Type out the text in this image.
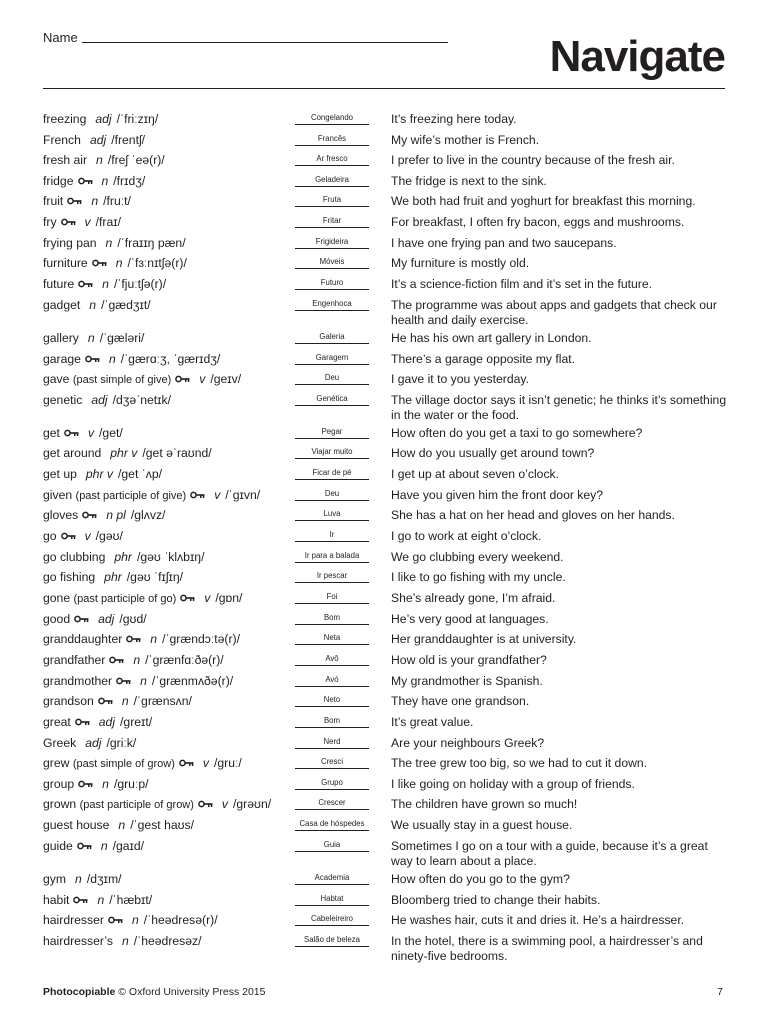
Name	Navigate
freezing adj /ˈfriːzɪŋ/	Congelando	It’s freezing here today.
French adj /frentʃ/	Francês	My wife’s mother is French.
fresh air n /freʃ ˈeə(r)/	Ar fresco	I prefer to live in the country because of the fresh air.
fridge n /frɪdʒ/	Geladeira	The fridge is next to the sink.
fruit n /fruːt/	Fruta	We both had fruit and yoghurt for breakfast this morning.
fry v /fraɪ/	Fritar	For breakfast, I often fry bacon, eggs and mushrooms.
frying pan n /ˈfraɪɪŋ pæn/	Frigideira	I have one frying pan and two saucepans.
furniture n /ˈfɜːnɪtʃə(r)/	Móveis	My furniture is mostly old.
future n /ˈfjuːtʃə(r)/	Futuro	It’s a science-fiction film and it’s set in the future.
gadget n /ˈɡædʒɪt/	Engenhoca	The programme was about apps and gadgets that check our health and daily exercise.
gallery n /ˈɡæləri/	Galeria	He has his own art gallery in London.
garage n /ˈɡærɑːʒ, ˈɡærɪdʒ/	Garagem	There’s a garage opposite my flat.
gave (past simple of give) v /ɡeɪv/	Deu	I gave it to you yesterday.
genetic adj /dʒəˈnetɪk/	Genética	The village doctor says it isn’t genetic; he thinks it’s something in the water or the food.
get v /ɡet/	Pegar	How often do you get a taxi to go somewhere?
get around phr v /ɡet əˈraʊnd/	Viajar muito	How do you usually get around town?
get up phr v /ɡet ˈʌp/	Ficar de pé	I get up at about seven o’clock.
given (past participle of give) v /ˈɡɪvn/	Deu	Have you given him the front door key?
gloves n pl /ɡlʌvz/	Luva	She has a hat on her head and gloves on her hands.
go v /ɡəʊ/	Ir	I go to work at eight o’clock.
go clubbing phr /ɡəʊ ˈklʌbɪŋ/	Ir para a balada	We go clubbing every weekend.
go fishing phr /ɡəʊ ˈfɪʃɪŋ/	Ir pescar	I like to go fishing with my uncle.
gone (past participle of go) v /ɡɒn/	Foi	She’s already gone, I’m afraid.
good adj /ɡʊd/	Bom	He’s very good at languages.
granddaughter n /ˈɡrændɔːtə(r)/	Neta	Her granddaughter is at university.
grandfather n /ˈɡrænfɑːðə(r)/	Avô	How old is your grandfather?
grandmother n /ˈɡrænmʌðə(r)/	Avó	My grandmother is Spanish.
grandson n /ˈɡrænsʌn/	Neto	They have one grandson.
great adj /ɡreɪt/	Bom	It’s great value.
Greek adj /ɡriːk/	Nerd	Are your neighbours Greek?
grew (past simple of grow) v /ɡruː/	Cresci	The tree grew too big, so we had to cut it down.
group n /ɡruːp/	Grupo	I like going on holiday with a group of friends.
grown (past participle of grow) v /ɡrəʊn/	Crescer	The children have grown so much!
guest house n /ˈɡest haʊs/	Casa de hóspedes	We usually stay in a guest house.
guide n /ɡaɪd/	Guia	Sometimes I go on a tour with a guide, because it’s a great way to learn about a place.
gym n /dʒɪm/	Academia	How often do you go to the gym?
habit n /ˈhæbɪt/	Habtat	Bloomberg tried to change their habits.
hairdresser n /ˈheədresə(r)/	Cabeleireiro	He washes hair, cuts it and dries it. He’s a hairdresser.
hairdresser’s n /ˈheədresəz/	Salão de beleza	In the hotel, there is a swimming pool, a hairdresser’s and ninety-five bedrooms.
Photocopiable © Oxford University Press 2015	7
